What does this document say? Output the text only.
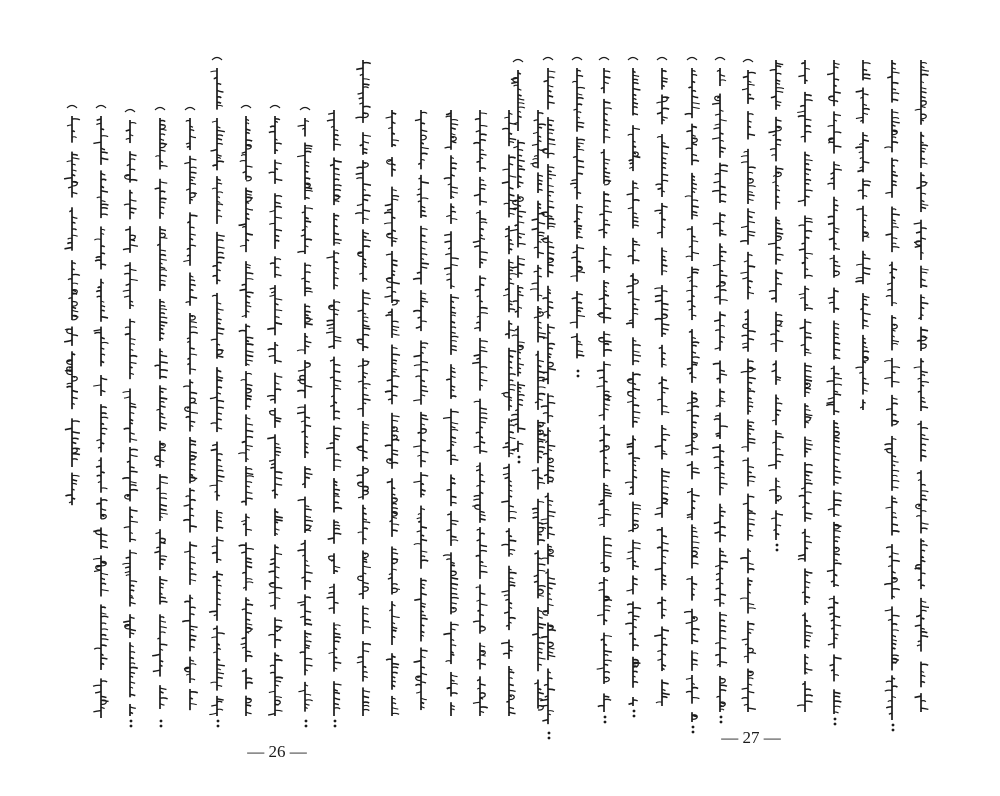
— 26 —
— 27 —
